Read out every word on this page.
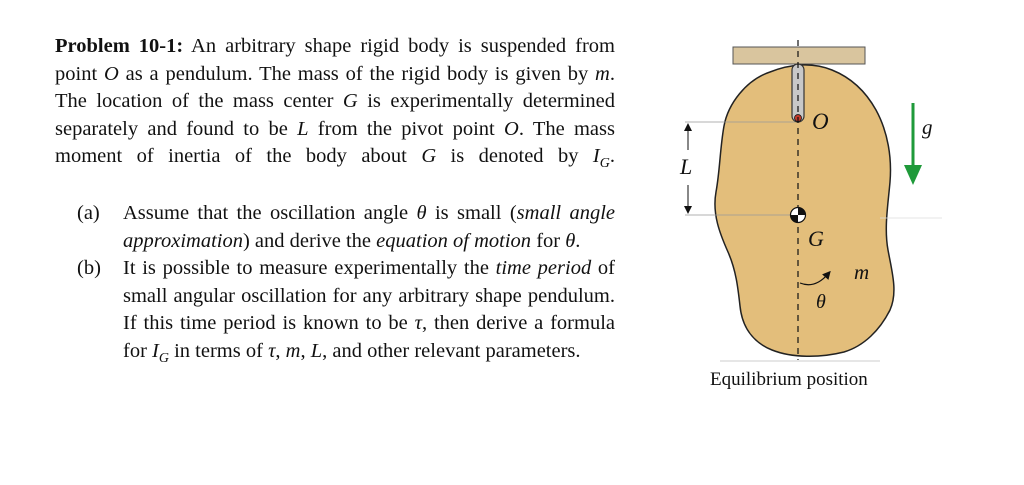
Problem 10-1: An arbitrary shape rigid body is suspended from point O as a pendulum. The mass of the rigid body is given by m. The location of the mass center G is experimentally determined separately and found to be L from the pivot point O. The mass moment of inertia of the body about G is denoted by $I_G$.
(a) Assume that the oscillation angle θ is small (small angle approximation) and derive the equation of motion for θ.
(b) It is possible to measure experimentally the time period of small angular oscillation for any arbitrary shape pendulum. If this time period is known to be τ, then derive a formula for $I_G$ in terms of τ, m, L, and other relevant parameters.
L
O
G
m
g
θ
Equilibrium position
